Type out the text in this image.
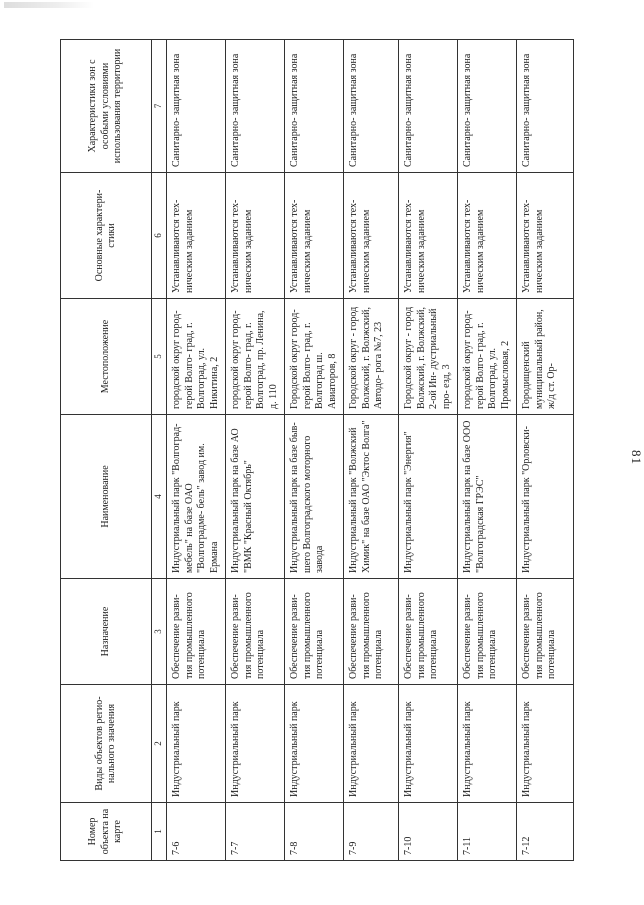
81
Номер объекта на карте	Виды объектов регио- нального значения	Назначение	Наименование	Местоположение	Основные характери- стики	Характеристики зон с особыми условиями использования территории
1	2	3	4	5	6	7
7-6	Индустриальный парк	Обеспечение разви- тия промышленного потенциала	Индустриальный парк "Волгоград- мебель" на базе ОАО "Волгоградме- бель" завод им. Ермана	городской округ город-герой Волго- град, г. Волгоград, ул. Никитина, 2	Устанавливаются тех- ническим заданием	Санитарно- защитная зона
7-7	Индустриальный парк	Обеспечение разви- тия промышленного потенциала	Индустриальный парк на базе АО "ВМК "Красный Октябрь"	городской округ город-герой Волго- град, г. Волгоград, пр. Ленина, д. 110	Устанавливаются тех- ническим заданием	Санитарно- защитная зона
7-8	Индустриальный парк	Обеспечение разви- тия промышленного потенциала	Индустриальный парк на базе быв- шего Волгоградского моторного завода	Городской округ город-герой Волго- град, г. Волгоград ш. Авиаторов, 8	Устанавливаются тех- ническим заданием	Санитарно- защитная зона
7-9	Индустриальный парк	Обеспечение разви- тия промышленного потенциала	Индустриальный парк "Волжский Химик" на базе ОАО "Эктос Волга"	Городской округ - город Волжский, г. Волжский, Автодо- рога №7, 23	Устанавливаются тех- ническим заданием	Санитарно- защитная зона
7-10	Индустриальный парк	Обеспечение разви- тия промышленного потенциала	Индустриальный парк "Энергия"	Городской округ - город Волжский, г. Волжский, 2-ой Ин- дустриальный про- езд, 3	Устанавливаются тех- ническим заданием	Санитарно- защитная зона
7-11	Индустриальный парк	Обеспечение разви- тия промышленного потенциала	Индустриальный парк на базе ООО "Волгоградская ГРЭС"	городской округ город-герой Волго- град, г. Волгоград, ул. Промысловая, 2	Устанавливаются тех- ническим заданием	Санитарно- защитная зона
7-12	Индустриальный парк	Обеспечение разви- тия промышленного потенциала	Индустриальный парк "Орловски-	Городищенский муниципальный район, ж/д ст. Ор-	Устанавливаются тех- ническим заданием	Санитарно- защитная зона
